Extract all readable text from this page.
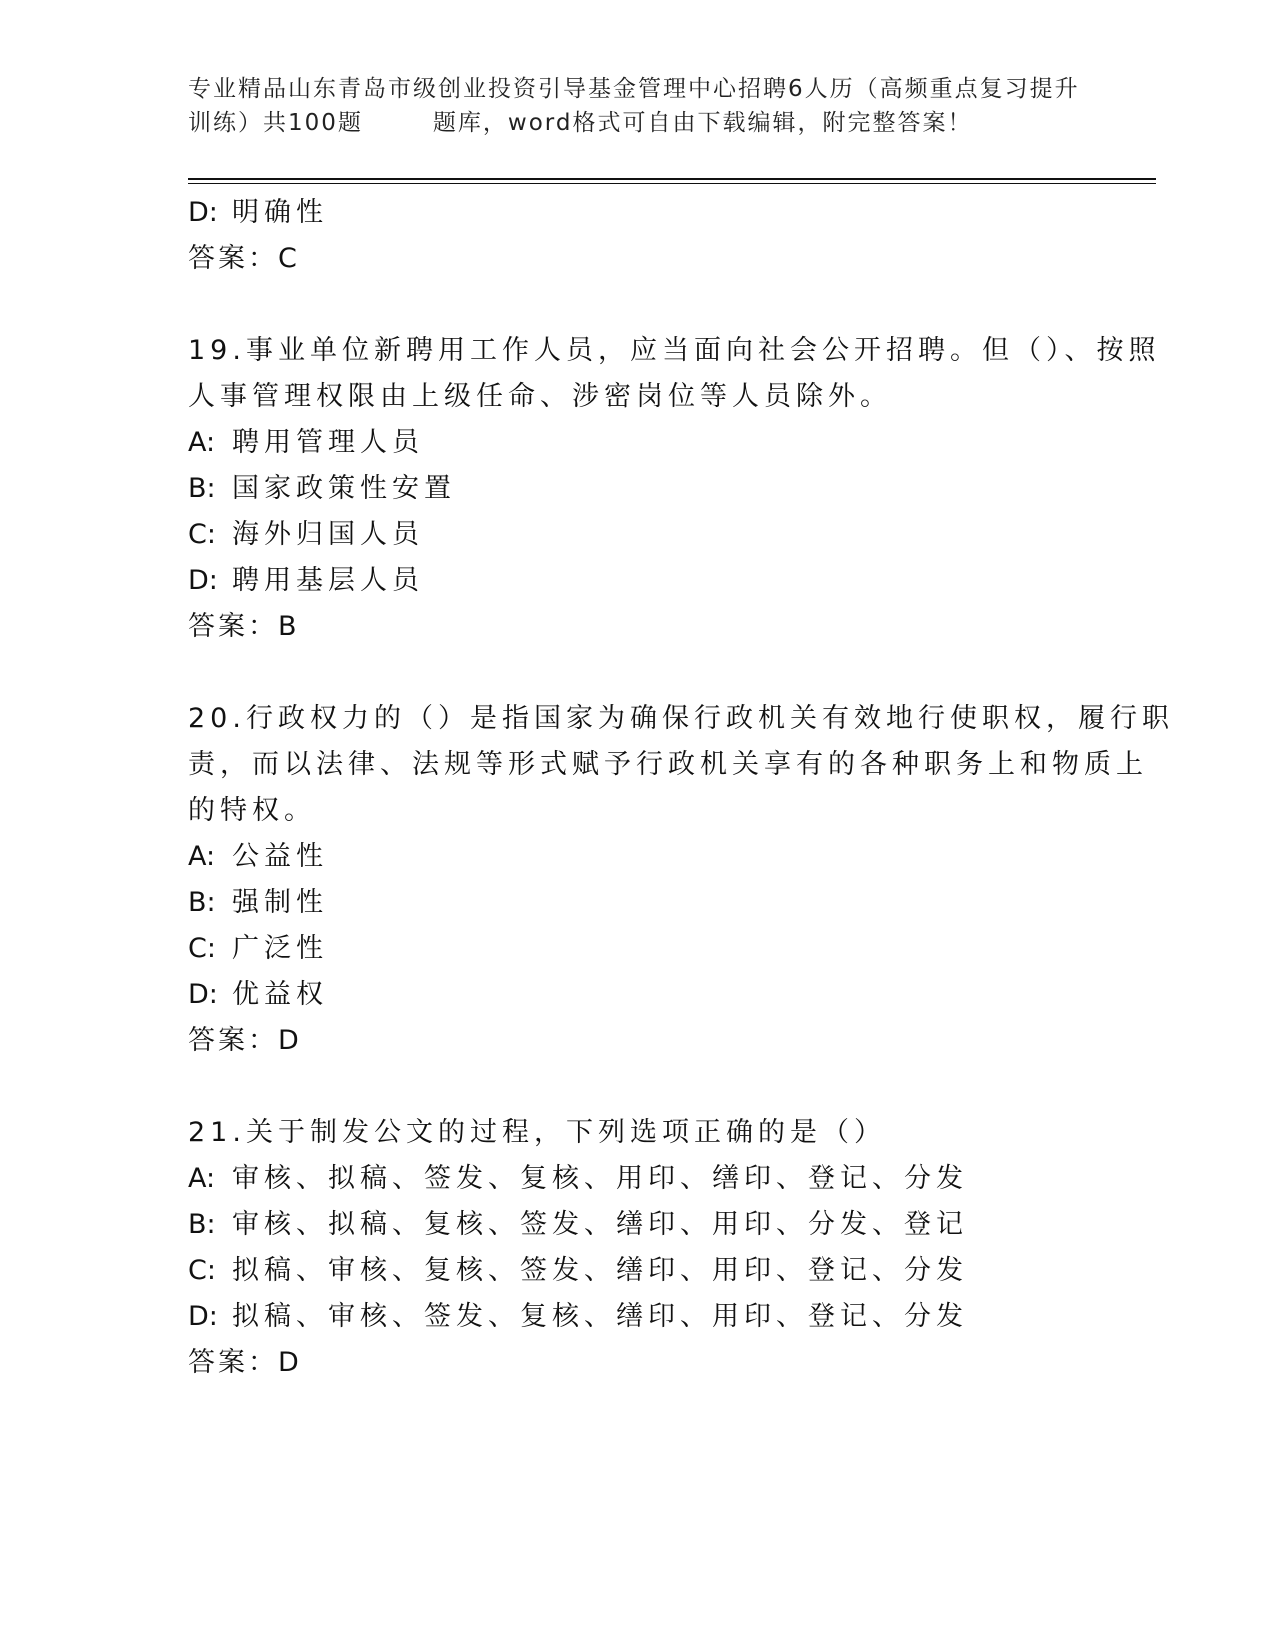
专业精品山东青岛市级创业投资引导基金管理中心招聘6人历（高频重点复习提升
训练）共100题	题库，word格式可自由下载编辑，附完整答案！
D: 明确性
答案：C
19.事业单位新聘用工作人员，应当面向社会公开招聘。但（）、按照
人事管理权限由上级任命、涉密岗位等人员除外。
A: 聘用管理人员
B: 国家政策性安置
C: 海外归国人员
D: 聘用基层人员
答案：B
20.行政权力的（）是指国家为确保行政机关有效地行使职权，履行职
责，而以法律、法规等形式赋予行政机关享有的各种职务上和物质上
的特权。
A: 公益性
B: 强制性
C: 广泛性
D: 优益权
答案：D
21.关于制发公文的过程，下列选项正确的是（）
A: 审核、拟稿、签发、复核、用印、缮印、登记、分发
B: 审核、拟稿、复核、签发、缮印、用印、分发、登记
C: 拟稿、审核、复核、签发、缮印、用印、登记、分发
D: 拟稿、审核、签发、复核、缮印、用印、登记、分发
答案：D
